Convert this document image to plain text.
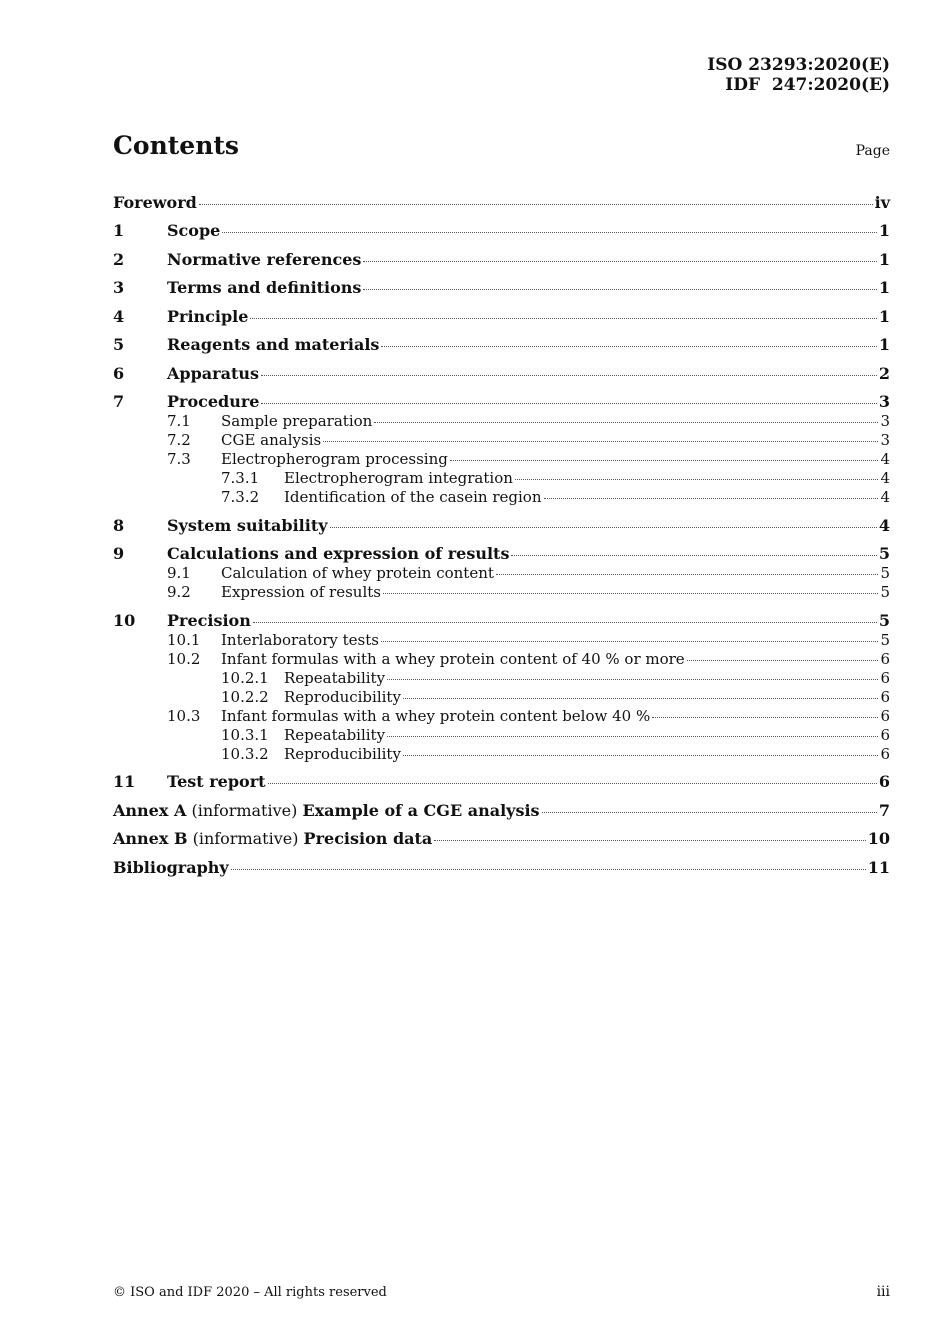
ISO 23293:2020(E)
IDF  247:2020(E)
Contents	Page
Foreword	iv
1	Scope	1
2	Normative references	1
3	Terms and definitions	1
4	Principle	1
5	Reagents and materials	1
6	Apparatus	2
7	Procedure	3
7.1	Sample preparation	3
7.2	CGE analysis	3
7.3	Electropherogram processing	4
7.3.1	Electropherogram integration	4
7.3.2	Identification of the casein region	4
8	System suitability	4
9	Calculations and expression of results	5
9.1	Calculation of whey protein content	5
9.2	Expression of results	5
10	Precision	5
10.1	Interlaboratory tests	5
10.2	Infant formulas with a whey protein content of 40 % or more	6
10.2.1	Repeatability	6
10.2.2	Reproducibility	6
10.3	Infant formulas with a whey protein content below 40 %	6
10.3.1	Repeatability	6
10.3.2	Reproducibility	6
11	Test report	6
Annex A (informative) Example of a CGE analysis	7
Annex B (informative) Precision data	10
Bibliography	11
© ISO and IDF 2020 – All rights reserved	iii
